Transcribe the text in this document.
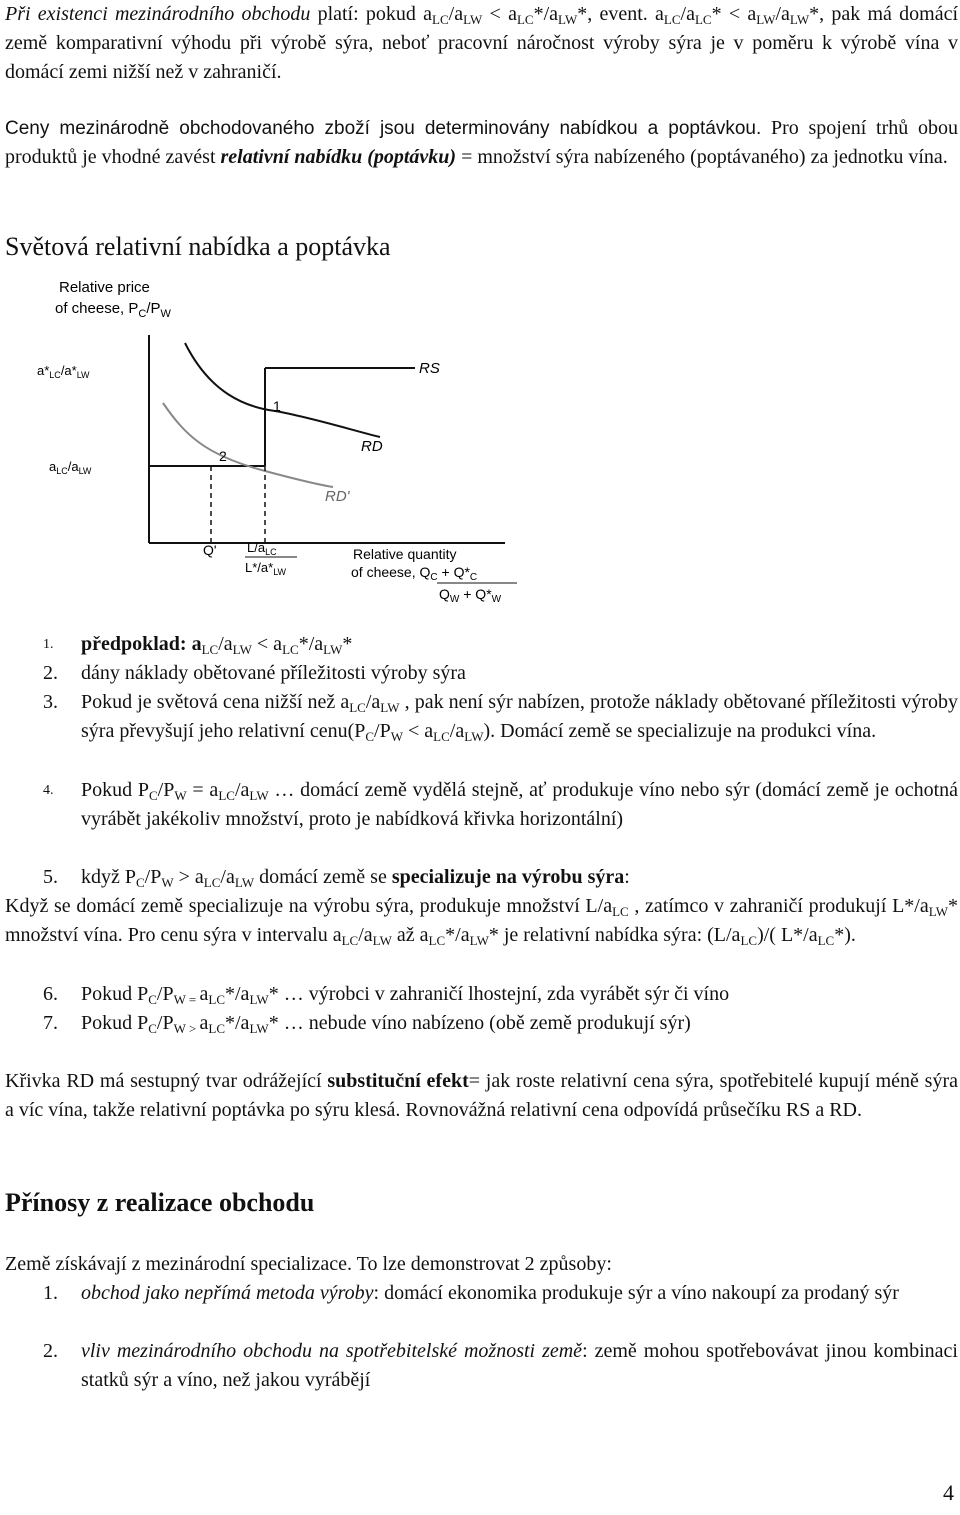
Při existenci mezinárodního obchodu platí: pokud $a_{LC}/a_{LW} < a_{LC}*/a_{LW}*$, event. $a_{LC}/a_{LC}* < a_{LW}/a_{LW}*$, pak má domácí země komparativní výhodu při výrobě sýra, neboť pracovní náročnost výroby sýra je v poměru k výrobě vína v domácí zemi nižší než v zahraničí.

Ceny mezinárodně obchodovaného zboží jsou determinovány nabídkou a poptávkou. Pro spojení trhů obou produktů je vhodné zavést relativní nabídku (poptávku) = množství sýra nabízeného (poptávaného) za jednotku vína.

Světová relativní nabídka a poptávka
Relative price
of cheese, $P_C/P_W$
$a*_{LC}/a*_{LW}$
$a_{LC}/a_{LW}$
RS
RD
RD'
1
2
Q' $L/a_{LC}$
$L*/a*_{LW}$
Relative quantity
of cheese, $Q_C + Q*_C$
$Q_W + Q*_W$
1.	předpoklad: $a_{LC}/a_{LW} < a_{LC}*/a_{LW}*$
2.	dány náklady obětované příležitosti výroby sýra
3.	Pokud je světová cena nižší než $a_{LC}/a_{LW}$ , pak není sýr nabízen, protože náklady obětované příležitosti výroby sýra převyšují jeho relativní $cenu(P_C/P_W < a_{LC}/a_{LW})$. Domácí země se specializuje na produkci vína.
4.	Pokud $P_C/P_W = a_{LC}/a_{LW}$ … domácí země vydělá stejně, ať produkuje víno nebo sýr (domácí země je ochotná vyrábět jakékoliv množství, proto je nabídková křivka horizontální)
5.	když $P_C/P_W > a_{LC}/a_{LW}$ domácí země se specializuje na výrobu sýra:

Když se domácí země specializuje na výrobu sýra, produkuje množství $L/a_{LC}$ , zatímco v zahraničí produkují $L*/a_{LW}*$ množství vína. Pro cenu sýra v intervalu $a_{LC}/a_{LW}$ až $a_{LC}*/a_{LW}*$ je relativní nabídka sýra: $(L/a_{LC})/$( $L*/a_{LC}*$).

6.	Pokud $P_C/P_{W =}$ $a_{LC}*/a_{LW}*$ … výrobci v zahraničí lhostejní, zda vyrábět sýr či víno
7.	Pokud $P_C/P_{W >}$ $a_{LC}*/a_{LW}*$ … nebude víno nabízeno (obě země produkují sýr)

Křivka RD má sestupný tvar odrážející substituční efekt= jak roste relativní cena sýra, spotřebitelé kupují méně sýra a víc vína, takže relativní poptávka po sýru klesá. Rovnovážná relativní cena odpovídá průsečíku RS a RD.

Přínosy z realizace obchodu

Země získávají z mezinárodní specializace. To lze demonstrovat 2 způsoby:

1.	obchod jako nepřímá metoda výroby: domácí ekonomika produkuje sýr a víno nakoupí za prodaný sýr
2.	vliv mezinárodního obchodu na spotřebitelské možnosti země: země mohou spotřebovávat jinou kombinaci statků sýr a víno, než jakou vyrábějí
4
